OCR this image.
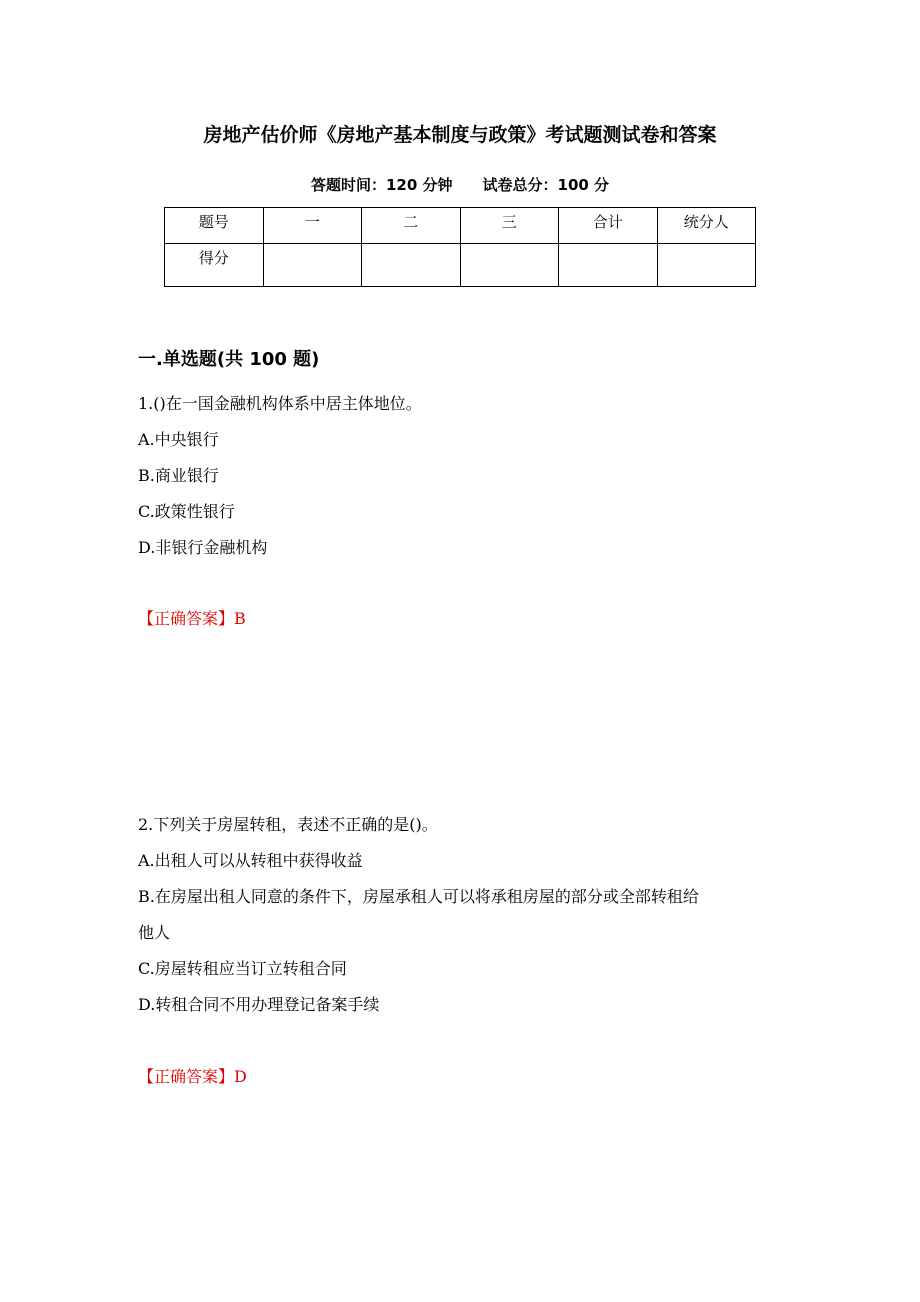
房地产估价师《房地产基本制度与政策》考试题测试卷和答案
答题时间：120 分钟 试卷总分：100 分
题号	一	二	三	合计	统分人
得分					
一.单选题(共 100 题)
1.()在一国金融机构体系中居主体地位。
A.中央银行
B.商业银行
C.政策性银行
D.非银行金融机构
【正确答案】B
2.下列关于房屋转租，表述不正确的是()。
A.出租人可以从转租中获得收益
B.在房屋出租人同意的条件下，房屋承租人可以将承租房屋的部分或全部转租给
他人
C.房屋转租应当订立转租合同
D.转租合同不用办理登记备案手续
【正确答案】D
